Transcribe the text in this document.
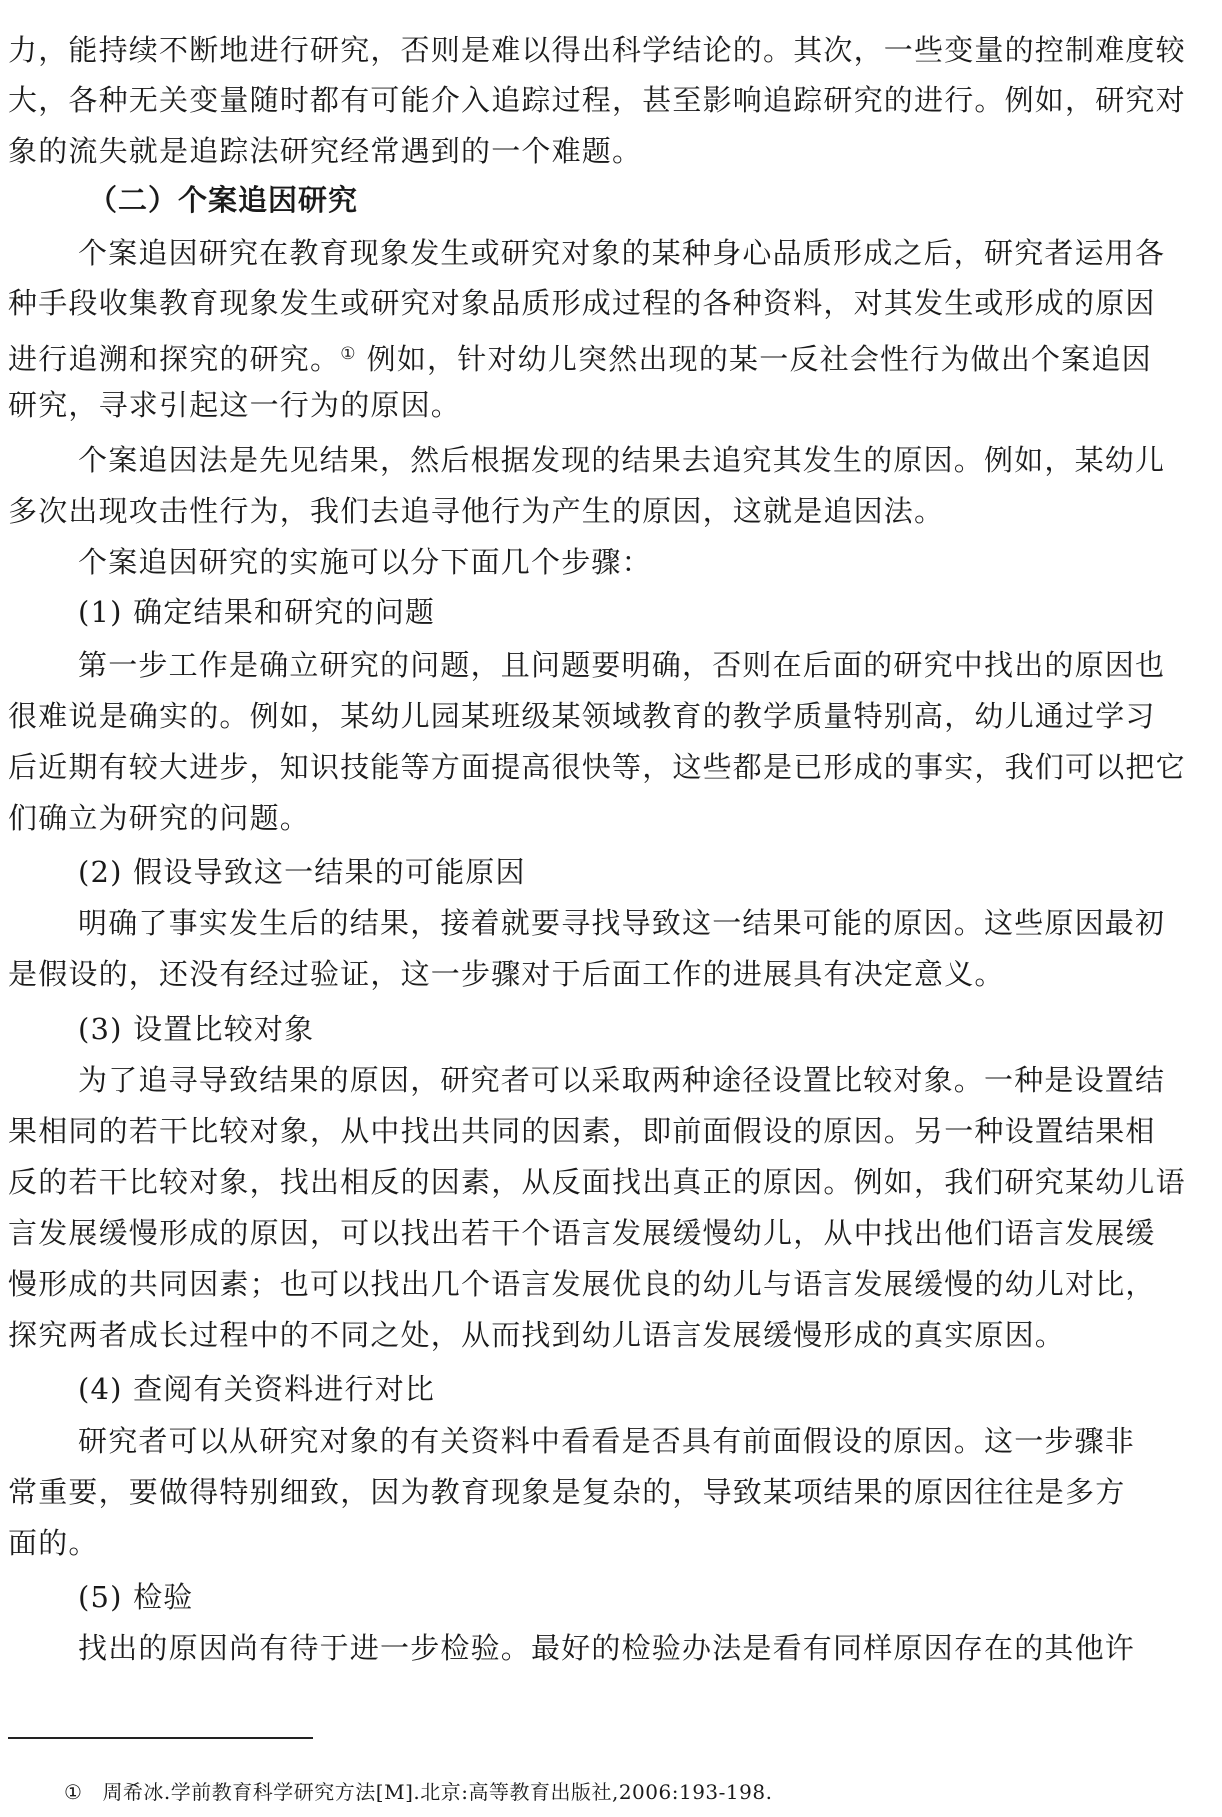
力，能持续不断地进行研究，否则是难以得出科学结论的。其次，一些变量的控制难度较
大，各种无关变量随时都有可能介入追踪过程，甚至影响追踪研究的进行。例如，研究对
象的流失就是追踪法研究经常遇到的一个难题。
（二）个案追因研究
个案追因研究在教育现象发生或研究对象的某种身心品质形成之后，研究者运用各
种手段收集教育现象发生或研究对象品质形成过程的各种资料，对其发生或形成的原因
进行追溯和探究的研究。① 例如，针对幼儿突然出现的某一反社会性行为做出个案追因
研究，寻求引起这一行为的原因。
个案追因法是先见结果，然后根据发现的结果去追究其发生的原因。例如，某幼儿
多次出现攻击性行为，我们去追寻他行为产生的原因，这就是追因法。
个案追因研究的实施可以分下面几个步骤：
(1) 确定结果和研究的问题
第一步工作是确立研究的问题，且问题要明确，否则在后面的研究中找出的原因也
很难说是确实的。例如，某幼儿园某班级某领域教育的教学质量特别高，幼儿通过学习
后近期有较大进步，知识技能等方面提高很快等，这些都是已形成的事实，我们可以把它
们确立为研究的问题。
(2) 假设导致这一结果的可能原因
明确了事实发生后的结果，接着就要寻找导致这一结果可能的原因。这些原因最初
是假设的，还没有经过验证，这一步骤对于后面工作的进展具有决定意义。
(3) 设置比较对象
为了追寻导致结果的原因，研究者可以采取两种途径设置比较对象。一种是设置结
果相同的若干比较对象，从中找出共同的因素，即前面假设的原因。另一种设置结果相
反的若干比较对象，找出相反的因素，从反面找出真正的原因。例如，我们研究某幼儿语
言发展缓慢形成的原因，可以找出若干个语言发展缓慢幼儿，从中找出他们语言发展缓
慢形成的共同因素；也可以找出几个语言发展优良的幼儿与语言发展缓慢的幼儿对比，
探究两者成长过程中的不同之处，从而找到幼儿语言发展缓慢形成的真实原因。
(4) 查阅有关资料进行对比
研究者可以从研究对象的有关资料中看看是否具有前面假设的原因。这一步骤非
常重要，要做得特别细致，因为教育现象是复杂的，导致某项结果的原因往往是多方
面的。
(5) 检验
找出的原因尚有待于进一步检验。最好的检验办法是看有同样原因存在的其他许
① 周希冰.学前教育科学研究方法[M].北京:高等教育出版社,2006:193-198.
